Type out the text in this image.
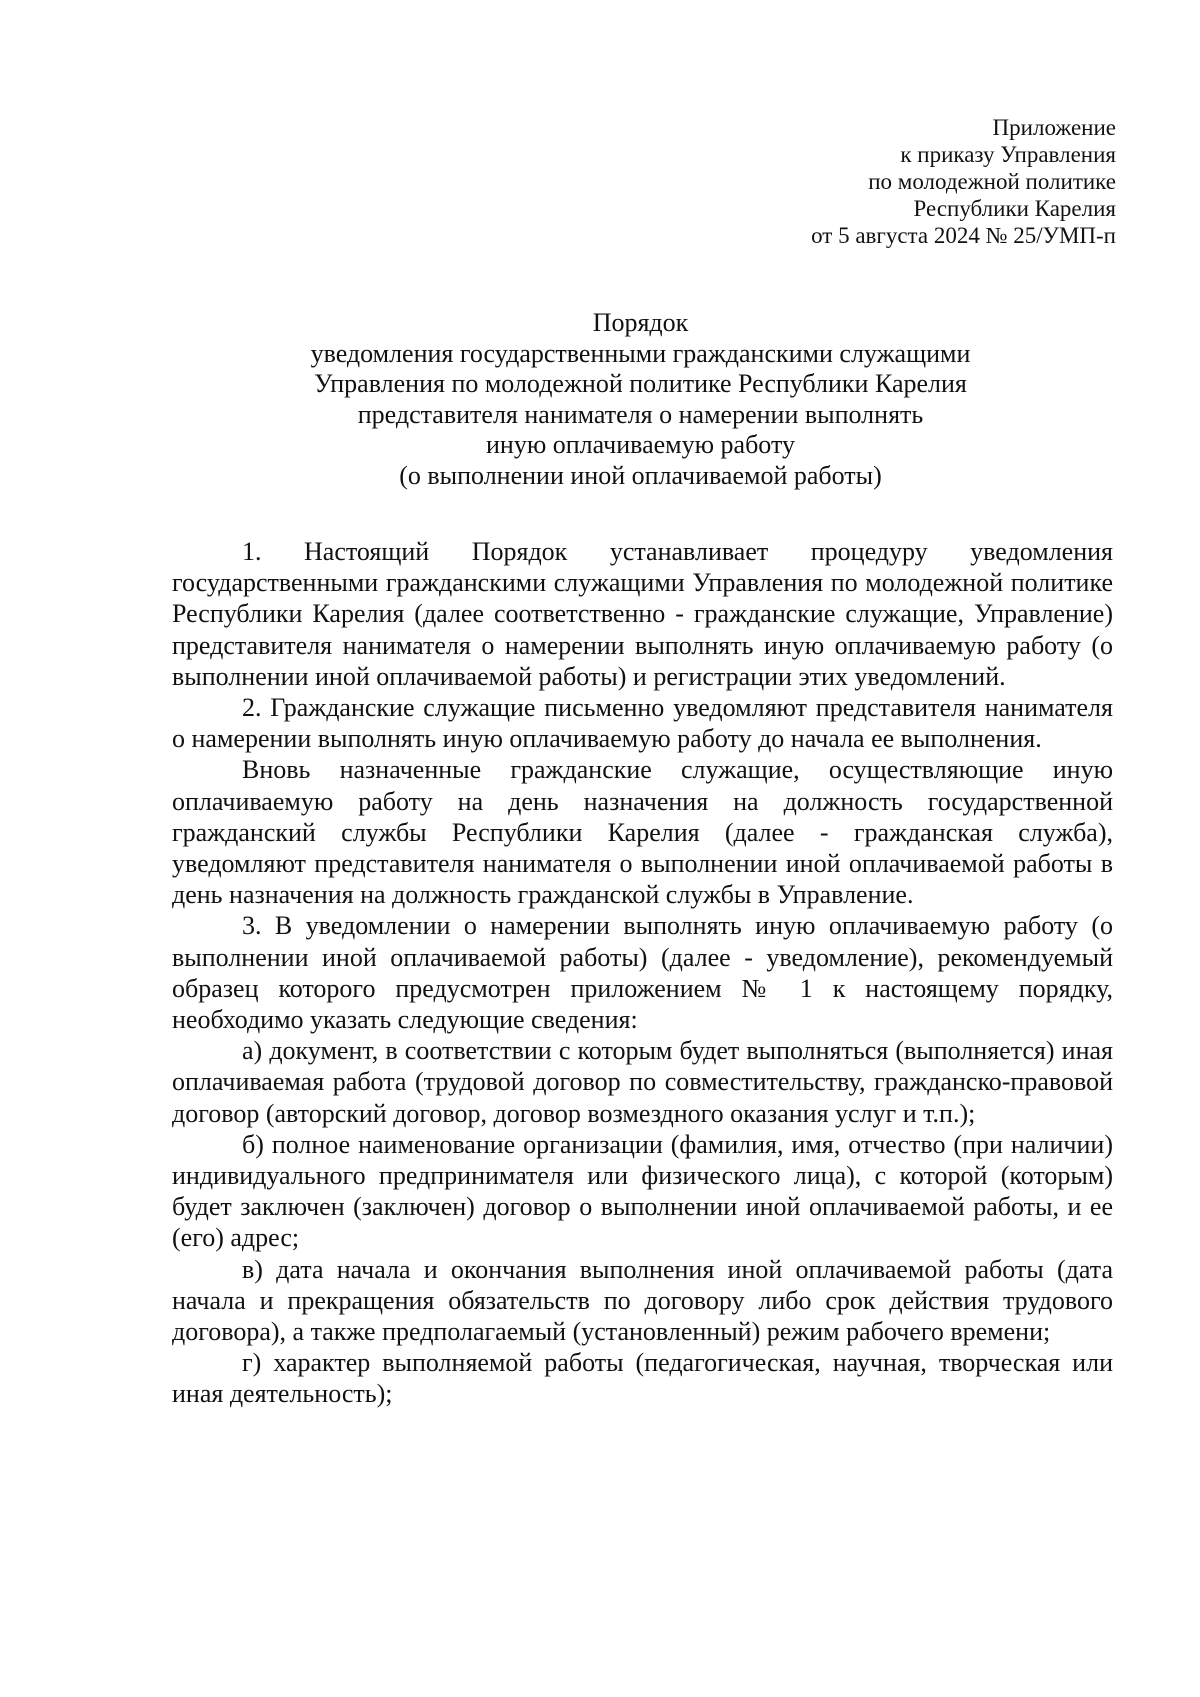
Приложение
к приказу Управления
по молодежной политике
Республики Карелия
от 5 августа 2024 № 25/УМП-п
Порядок
уведомления государственными гражданскими служащими
Управления по молодежной политике Республики Карелия
представителя нанимателя о намерении выполнять
иную оплачиваемую работу
(о выполнении иной оплачиваемой работы)

1. Настоящий Порядок устанавливает процедуру уведомления государственными гражданскими служащими Управления по молодежной политике Республики Карелия (далее соответственно - гражданские служащие, Управление) представителя нанимателя о намерении выполнять иную оплачиваемую работу (о выполнении иной оплачиваемой работы) и регистрации этих уведомлений.

2. Гражданские служащие письменно уведомляют представителя нанимателя о намерении выполнять иную оплачиваемую работу до начала ее выполнения.

Вновь назначенные гражданские служащие, осуществляющие иную оплачиваемую работу на день назначения на должность государственной гражданский службы Республики Карелия (далее - гражданская служба), уведомляют представителя нанимателя о выполнении иной оплачиваемой работы в день назначения на должность гражданской службы в Управление.

3. В уведомлении о намерении выполнять иную оплачиваемую работу (о выполнении иной оплачиваемой работы) (далее - уведомление), рекомендуемый образец которого предусмотрен приложением № 1 к настоящему порядку, необходимо указать следующие сведения:

а) документ, в соответствии с которым будет выполняться (выполняется) иная оплачиваемая работа (трудовой договор по совместительству, гражданско-правовой договор (авторский договор, договор возмездного оказания услуг и т.п.);

б) полное наименование организации (фамилия, имя, отчество (при наличии) индивидуального предпринимателя или физического лица), с которой (которым) будет заключен (заключен) договор о выполнении иной оплачиваемой работы, и ее (его) адрес;

в) дата начала и окончания выполнения иной оплачиваемой работы (дата начала и прекращения обязательств по договору либо срок действия трудового договора), а также предполагаемый (установленный) режим рабочего времени;

г) характер выполняемой работы (педагогическая, научная, творческая или иная деятельность);
